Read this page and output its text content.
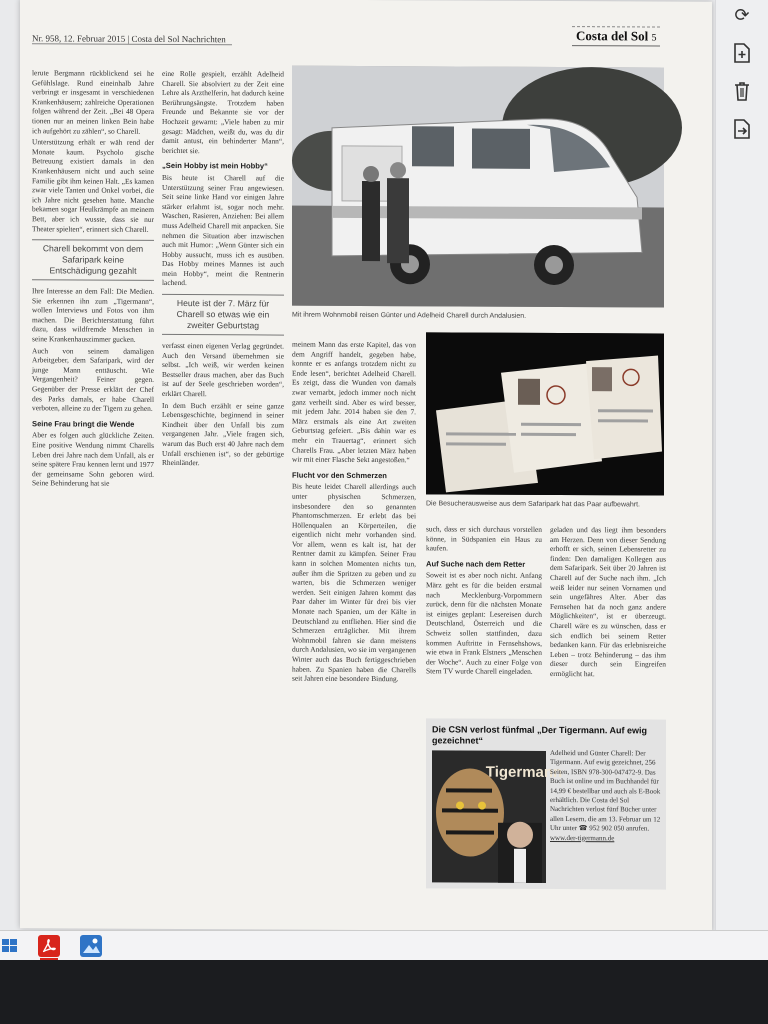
Nr. 958, 12. Februar 2015 | Costa del Sol Nachrichten	Costa del Sol 5

lerute Bergmann rückblickend sei he Gefühlslage. Rund eineinhalb Jahre verbringt er insgesamt in verschiedenen Krankenhäusern; zahlreiche Operationen folgen während der Zeit. „Bei 48 Opera tionen nur an meinen linken Bein habe ich aufgehört zu zählen“, so Charell.

Unterstützung erhält er wäh rend der Monate kaum. Psycholo gische Betreuung existiert damals in den Krankenhäusern nicht und auch seine Familie gibt ihm keinen Halt. „Es kamen zwar viele Tanten und Onkel vorbei, die ich Jahre nicht gesehen hatte. Manche bekamen sogar Heulkrämpfe an meinem Bett, aber ich wusste, dass sie nur Theater spielten“, erinnert sich Charell.

Charell bekommt von dem Safaripark keine Entschädigung gezahlt

Ihre Interesse an dem Fall: Die Medien. Sie erkennen ihn zum „Tigermann“, wollen Interviews und Fotos von ihm machen. Die Berichterstattung führt dazu, dass wildfremde Menschen in seine Krankenhauszimmer gucken.

Auch von seinem damaligen Arbeitgeber, dem Safaripark, wird der junge Mann enttäuscht. Wie Vergangenheit? Feiner gegen. Gegenüber der Presse erklärt der Chef des Parks damals, er habe Charell verboten, alleine zu der Tigern zu gehen.

Seine Frau bringt die Wende

Aber es folgen auch glückliche Zeiten. Eine positive Wendung nimmt Charells Leben drei Jahre nach dem Unfall, als er seine spätere Frau kennen lernt und 1977 der gemeinsame Sohn geboren wird. Seine Behinderung hat sie

eine Rolle gespielt, erzählt Adelheid Charell. Sie absolviert zu der Zeit eine Lehre als Arzthelferin, hat dadurch keine Berührungsängste. Trotzdem haben Freunde und Bekannte sie vor der Hochzeit gewarnt: „Viele haben zu mir gesagt: Mädchen, weißt du, was du dir damit antust, ein behinderter Mann“, berichtet sie.

„Sein Hobby ist mein Hobby“

Bis heute ist Charell auf die Unterstützung seiner Frau angewiesen. Seit seine linke Hand vor einigen Jahre stärker erlahmt ist, sogar noch mehr. Waschen, Rasieren, Anziehen: Bei allem muss Adelheid Charell mit anpacken. Sie nehmen die Situation aber inzwischen auch mit Humor: „Wenn Günter sich ein Hobby aussucht, muss ich es ausüben. Das Hobby meines Mannes ist auch mein Hobby“, meint die Rentnerin lachend.

Heute ist der 7. März für Charell so etwas wie ein zweiter Geburtstag

verfasst einen eigenen Verlag gegründet. Auch den Versand übernehmen sie selbst. „Ich weiß, wir werden keinen Bestseller draus machen, aber das Buch ist auf der Seele geschrieben worden“, erklärt Charell.

In dem Buch erzählt er seine ganze Lebensgeschichte, beginnend in seiner Kindheit über den Unfall bis zum vergangenen Jahr. „Viele fragen sich, warum das Buch erst 40 Jahre nach dem Unfall erschienen ist“, so der gebürtige Rheinländer.

Mit ihrem Wohnmobil reisen Günter und Adelheid Charell durch Andalusien.

meinem Mann das erste Kapitel, das von dem Angriff handelt, gegeben habe, konnte er es anfangs trotzdem nicht zu Ende lesen“, berichtet Adelheid Charell. Es zeigt, dass die Wunden von damals zwar vernarbt, jedoch immer noch nicht ganz verheilt sind. Aber es wird besser, mit jedem Jahr. 2014 haben sie den 7. März erstmals als eine Art zweiten Geburtstag gefeiert. „Bis dahin war es mehr ein Trauertag“, erinnert sich Charells Frau. „Aber letzten März haben wir mit einer Flasche Sekt angestoßen.“

Flucht vor den Schmerzen

Bis heute leidet Charell allerdings auch unter physischen Schmerzen, insbesondere den so genannten Phantomschmerzen. Er erlebt das bei Höllenqualen an Körperteilen, die eigentlich nicht mehr vorhanden sind. Vor allem, wenn es kalt ist, hat der Rentner damit zu kämpfen. Seiner Frau kann in solchen Momenten nichts tun, außer ihm die Spritzen zu geben und zu warten, bis die Schmerzen weniger werden. Seit einigen Jahren kommt das Paar daher im Winter für drei bis vier Monate nach Spanien, um der Kälte in Deutschland zu entfliehen. Hier sind die Schmerzen erträglicher. Mit ihrem Wohnmobil fahren sie dann meistens durch Andalusien, wo sie im vergangenen Winter auch das Buch fertiggeschrieben haben. Zu Spanien haben die Charells seit Jahren eine besondere Bindung.

Die Besucherausweise aus dem Safaripark hat das Paar aufbewahrt.

such, dass er sich durchaus vorstellen könne, in Südspanien ein Haus zu kaufen.

Auf Suche nach dem Retter

Soweit ist es aber noch nicht. Anfang März geht es für die beiden erstmal nach Mecklenburg-Vorpommern zurück, denn für die nächsten Monate ist einiges geplant: Lesereisen durch Deutschland, Österreich und die Schweiz sollen stattfinden, dazu kommen Auftritte in Fernsehshows, wie etwa in Frank Elstners „Menschen der Woche“. Auch zu einer Folge von Stern TV wurde Charell eingeladen.

geladen und das liegt ihm besonders am Herzen. Denn von dieser Sendung erhofft er sich, seinen Lebensretter zu finden: Den damaligen Kollegen aus dem Safaripark. Seit über 20 Jahren ist Charell auf der Suche nach ihm. „Ich weiß leider nur seinen Vornamen und sein ungefähres Alter. Aber das Fernsehen hat da noch ganz andere Möglichkeiten“, ist er überzeugt. Charell wäre es zu wünschen, dass er sich endlich bei seinem Retter bedanken kann. Für das erlebnisreiche Leben – trotz Behinderung – das ihm dieser durch sein Eingreifen ermöglicht hat.

Die CSN verlost fünfmal „Der Tigermann. Auf ewig gezeichnet“
Tigermann
Adelheid und Günter Charell: Der Tigermann. Auf ewig gezeichnet, 256 Seiten, ISBN 978-300-047472-9. Das Buch ist online und im Buchhandel für 14,99 € bestellbar und auch als E-Book erhältlich. Die Costa del Sol Nachrichten verlost fünf Bücher unter allen Lesern, die am 13. Februar um 12 Uhr unter ☎ 952 902 050 anrufen.
www.der-tigermann.de
⟳
